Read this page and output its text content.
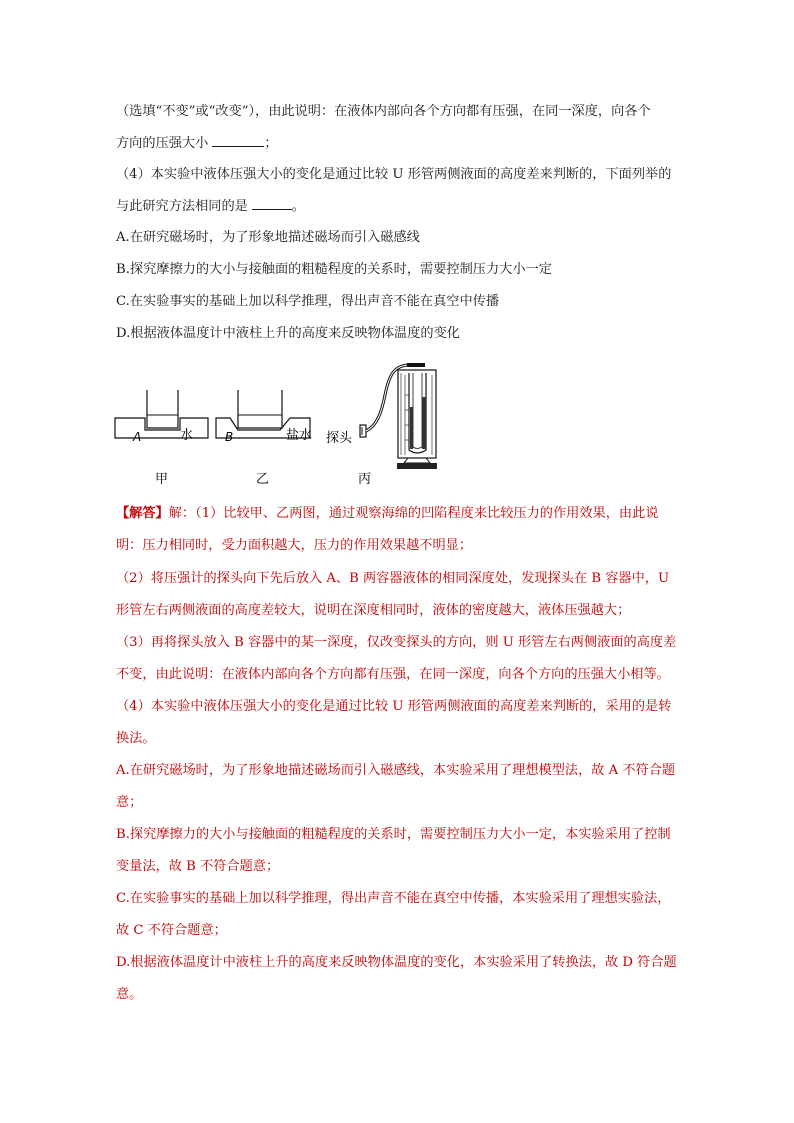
（选填“不变”或“改变”），由此说明：在液体内部向各个方向都有压强，在同一深度，向各个
方向的压强大小	；
（4）本实验中液体压强大小的变化是通过比较 U 形管两侧液面的高度差来判断的，下面列举的
与此研究方法相同的是	。
A.在研究磁场时，为了形象地描述磁场而引入磁感线
B.探究摩擦力的大小与接触面的粗糙程度的关系时，需要控制压力大小一定
C.在实验事实的基础上加以科学推理，得出声音不能在真空中传播
D.根据液体温度计中液柱上升的高度来反映物体温度的变化
A	水
甲
B	盐水
乙
探头
丙
【解答】解：（1）比较甲、乙两图，通过观察海绵的凹陷程度来比较压力的作用效果，由此说
明：压力相同时，受力面积越大，压力的作用效果越不明显；
（2）将压强计的探头向下先后放入 A、B 两容器液体的相同深度处，发现探头在 B 容器中，U
形管左右两侧液面的高度差较大，说明在深度相同时，液体的密度越大，液体压强越大；
（3）再将探头放入 B 容器中的某一深度，仅改变探头的方向，则 U 形管左右两侧液面的高度差
不变，由此说明：在液体内部向各个方向都有压强，在同一深度，向各个方向的压强大小相等。
（4）本实验中液体压强大小的变化是通过比较 U 形管两侧液面的高度差来判断的，采用的是转
换法。
A.在研究磁场时，为了形象地描述磁场而引入磁感线，本实验采用了理想模型法，故 A 不符合题
意；
B.探究摩擦力的大小与接触面的粗糙程度的关系时，需要控制压力大小一定，本实验采用了控制
变量法，故 B 不符合题意；
C.在实验事实的基础上加以科学推理，得出声音不能在真空中传播，本实验采用了理想实验法，
故 C 不符合题意；
D.根据液体温度计中液柱上升的高度来反映物体温度的变化，本实验采用了转换法，故 D 符合题
意。
